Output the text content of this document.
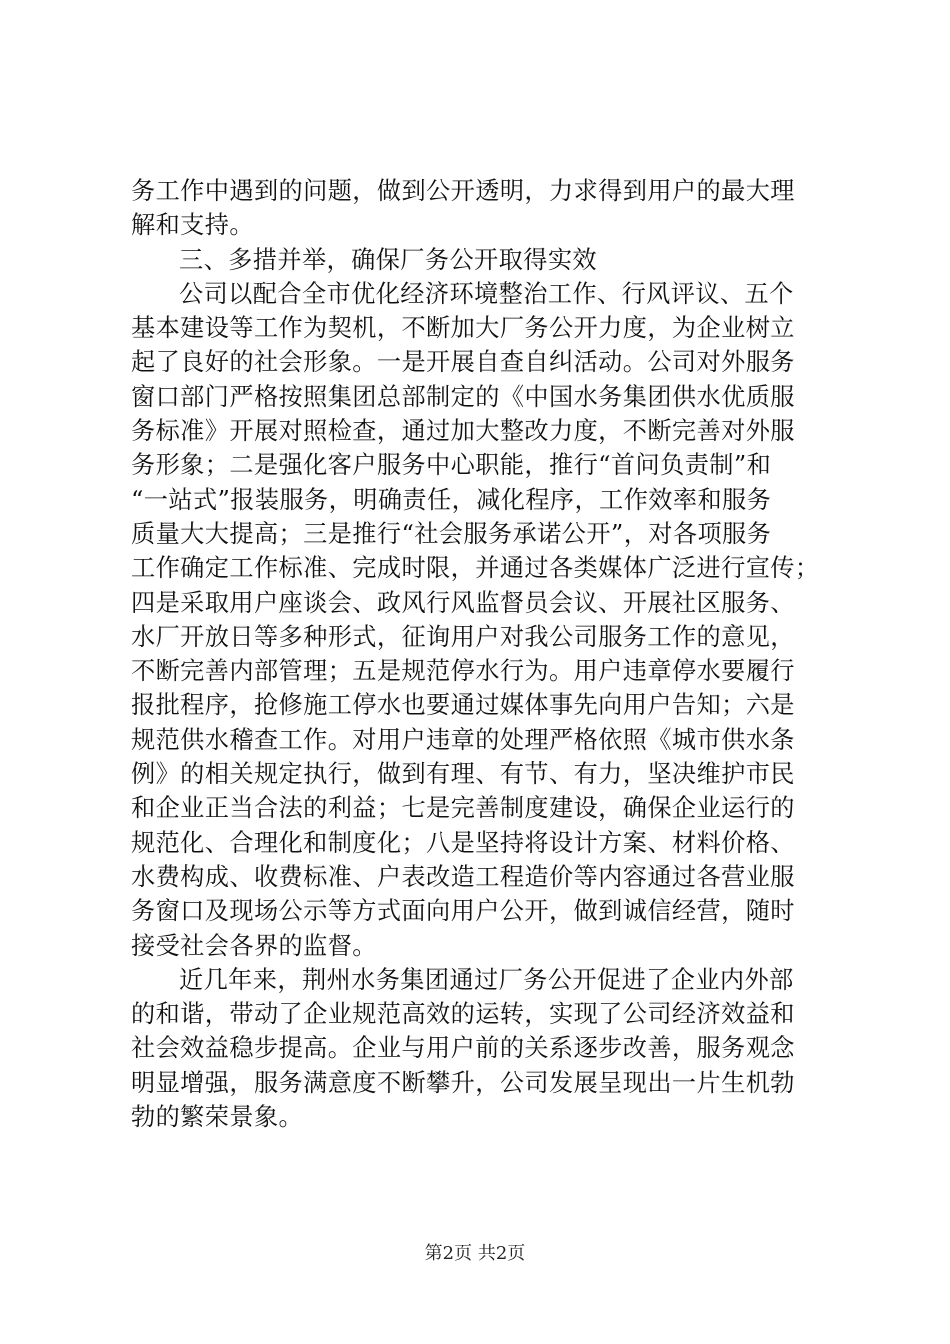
务工作中遇到的问题，做到公开透明，力求得到用户的最大理
解和支持。
三、多措并举，确保厂务公开取得实效
公司以配合全市优化经济环境整治工作、行风评议、五个
基本建设等工作为契机，不断加大厂务公开力度，为企业树立
起了良好的社会形象。一是开展自查自纠活动。公司对外服务
窗口部门严格按照集团总部制定的《中国水务集团供水优质服
务标准》开展对照检查，通过加大整改力度，不断完善对外服
务形象；二是强化客户服务中心职能，推行“首问负责制”和
“一站式”报装服务，明确责任，减化程序，工作效率和服务
质量大大提高；三是推行“社会服务承诺公开”，对各项服务
工作确定工作标准、完成时限，并通过各类媒体广泛进行宣传；
四是采取用户座谈会、政风行风监督员会议、开展社区服务、
水厂开放日等多种形式，征询用户对我公司服务工作的意见，
不断完善内部管理；五是规范停水行为。用户违章停水要履行
报批程序，抢修施工停水也要通过媒体事先向用户告知；六是
规范供水稽查工作。对用户违章的处理严格依照《城市供水条
例》的相关规定执行，做到有理、有节、有力，坚决维护市民
和企业正当合法的利益；七是完善制度建设，确保企业运行的
规范化、合理化和制度化；八是坚持将设计方案、材料价格、
水费构成、收费标准、户表改造工程造价等内容通过各营业服
务窗口及现场公示等方式面向用户公开，做到诚信经营，随时
接受社会各界的监督。
近几年来，荆州水务集团通过厂务公开促进了企业内外部
的和谐，带动了企业规范高效的运转，实现了公司经济效益和
社会效益稳步提高。企业与用户前的关系逐步改善，服务观念
明显增强，服务满意度不断攀升，公司发展呈现出一片生机勃
勃的繁荣景象。
第2页 共2页
